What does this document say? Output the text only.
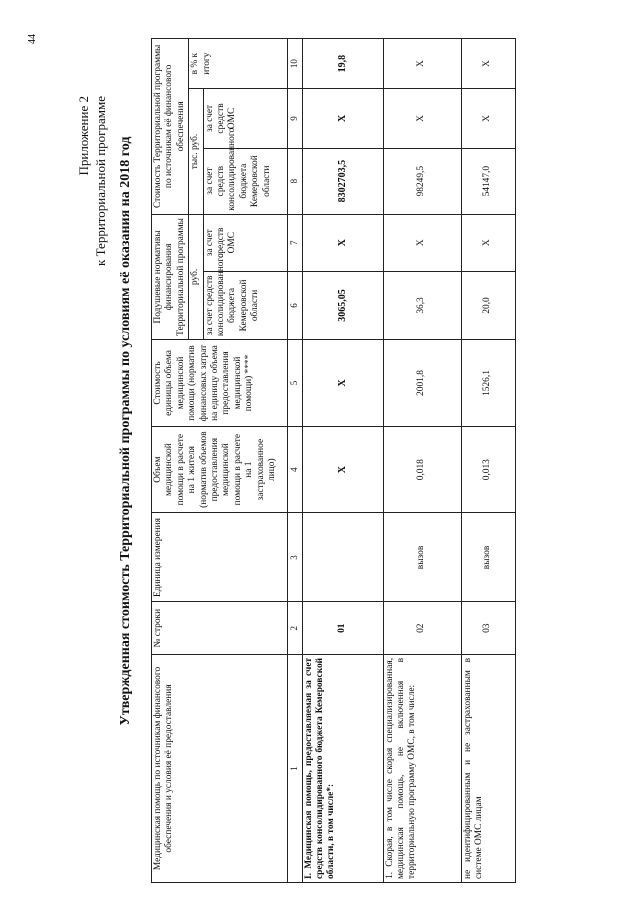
44
Приложение 2 к Территориальной программе Утвержденная стоимость Территориальной программы по условиям её оказания на 2018 год
Медицинская помощь по источникам финансового обеспечения и условия её предоставления	№ строки	Единица измерения	Объем медицинской помощи в расчете на 1 жителя (норматив объемов предоставления медицинской помощи в расчете на 1 застрахованное лицо)	Стоимость единицы объема медицинской помощи (норматив финансовых затрат на единицу объема предоставления медицинской помощи) ****	Подушевые нормативы финансирования Территориальной программы		Стоимость Территориальной программы по источникам её финансового обеспечения		
					руб.		тыс. руб.		в % к итогу
					за счет средств консолидированного бюджета Кемеровской области	за счет средств ОМС	за счет средств консолидированного бюджета Кемеровской области	за счет средств ОМС	
1	2	3	4	5	6	7	8	9	10
I. Медицинская помощь, предоставляемая за счет средств консолидированного бюджета Кемеровской области, в том числе*:	01		Х	Х	3065,05	Х	8302703,5	Х	19,8
1. Скорая, в том числе скорая специализированная, медицинская помощь, не включенная в территориальную программу ОМС, в том числе:	02	вызов	0,018	2001,8	36,3	Х	98249,5	Х	Х
не идентифицированным и не застрахованным в системе ОМС лицам	03	вызов	0,013	1526,1	20,0	Х	54147,0	Х	Х
